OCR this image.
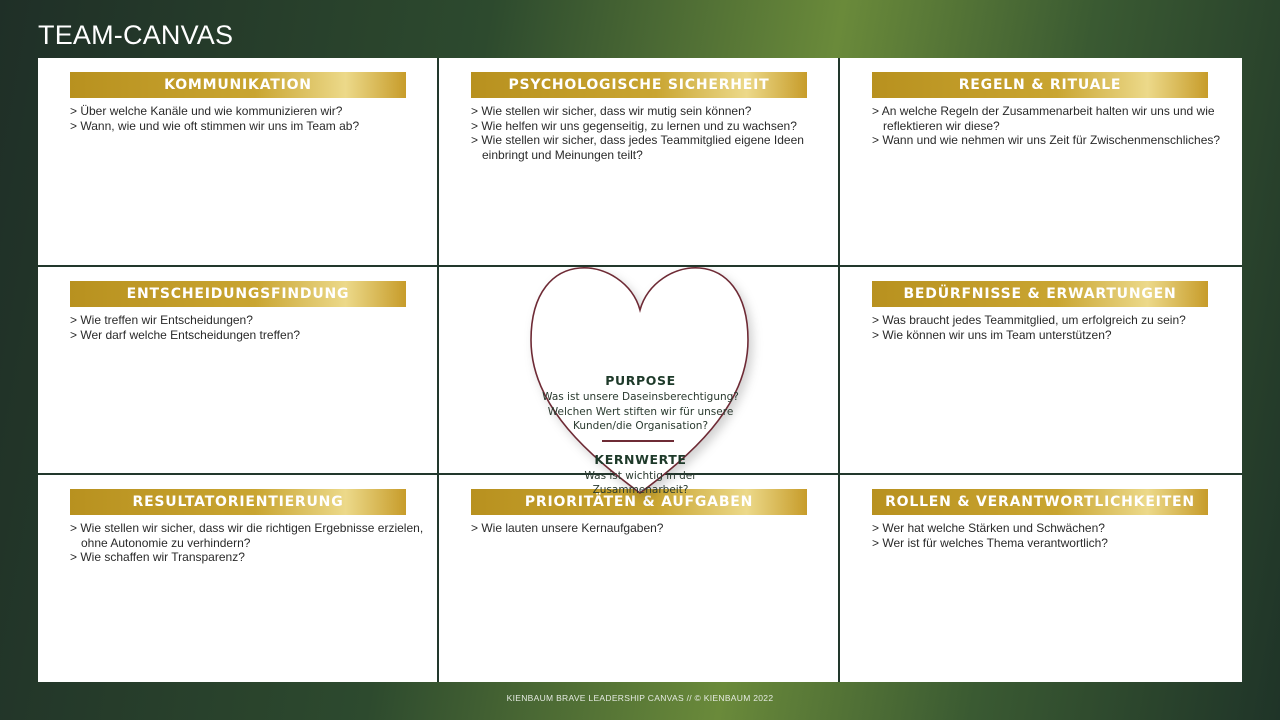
TEAM-CANVAS
KOMMUNIKATION
> Über welche Kanäle und wie kommunizieren wir?
> Wann, wie und wie oft stimmen wir uns im Team ab?
PSYCHOLOGISCHE SICHERHEIT
> Wie stellen wir sicher, dass wir mutig sein können?
> Wie helfen wir uns gegenseitig, zu lernen und zu wachsen?
> Wie stellen wir sicher, dass jedes Teammitglied eigene Ideen einbringt und Meinungen teilt?
REGELN & RITUALE
> An welche Regeln der Zusammenarbeit halten wir uns und wie reflektieren wir diese?
> Wann und wie nehmen wir uns Zeit für Zwischenmenschliches?
ENTSCHEIDUNGSFINDUNG
> Wie treffen wir Entscheidungen?
> Wer darf welche Entscheidungen treffen?
BEDÜRFNISSE & ERWARTUNGEN
> Was braucht jedes Teammitglied, um erfolgreich zu sein?
> Wie können wir uns im Team unterstützen?
RESULTATORIENTIERUNG
> Wie stellen wir sicher, dass wir die richtigen Ergebnisse erzielen, ohne Autonomie zu verhindern?
> Wie schaffen wir Transparenz?
PRIORITÄTEN & AUFGABEN
> Wie lauten unsere Kernaufgaben?
ROLLEN & VERANTWORTLICHKEITEN
> Wer hat welche Stärken und Schwächen?
> Wer ist für welches Thema verantwortlich?
PURPOSE
Was ist unsere Daseinsberechtigung?
Welchen Wert stiften wir für unsere
Kunden/die Organisation?
KERNWERTE
Was ist wichtig in der
Zusammenarbeit?
KIENBAUM BRAVE LEADERSHIP CANVAS // © KIENBAUM 2022
